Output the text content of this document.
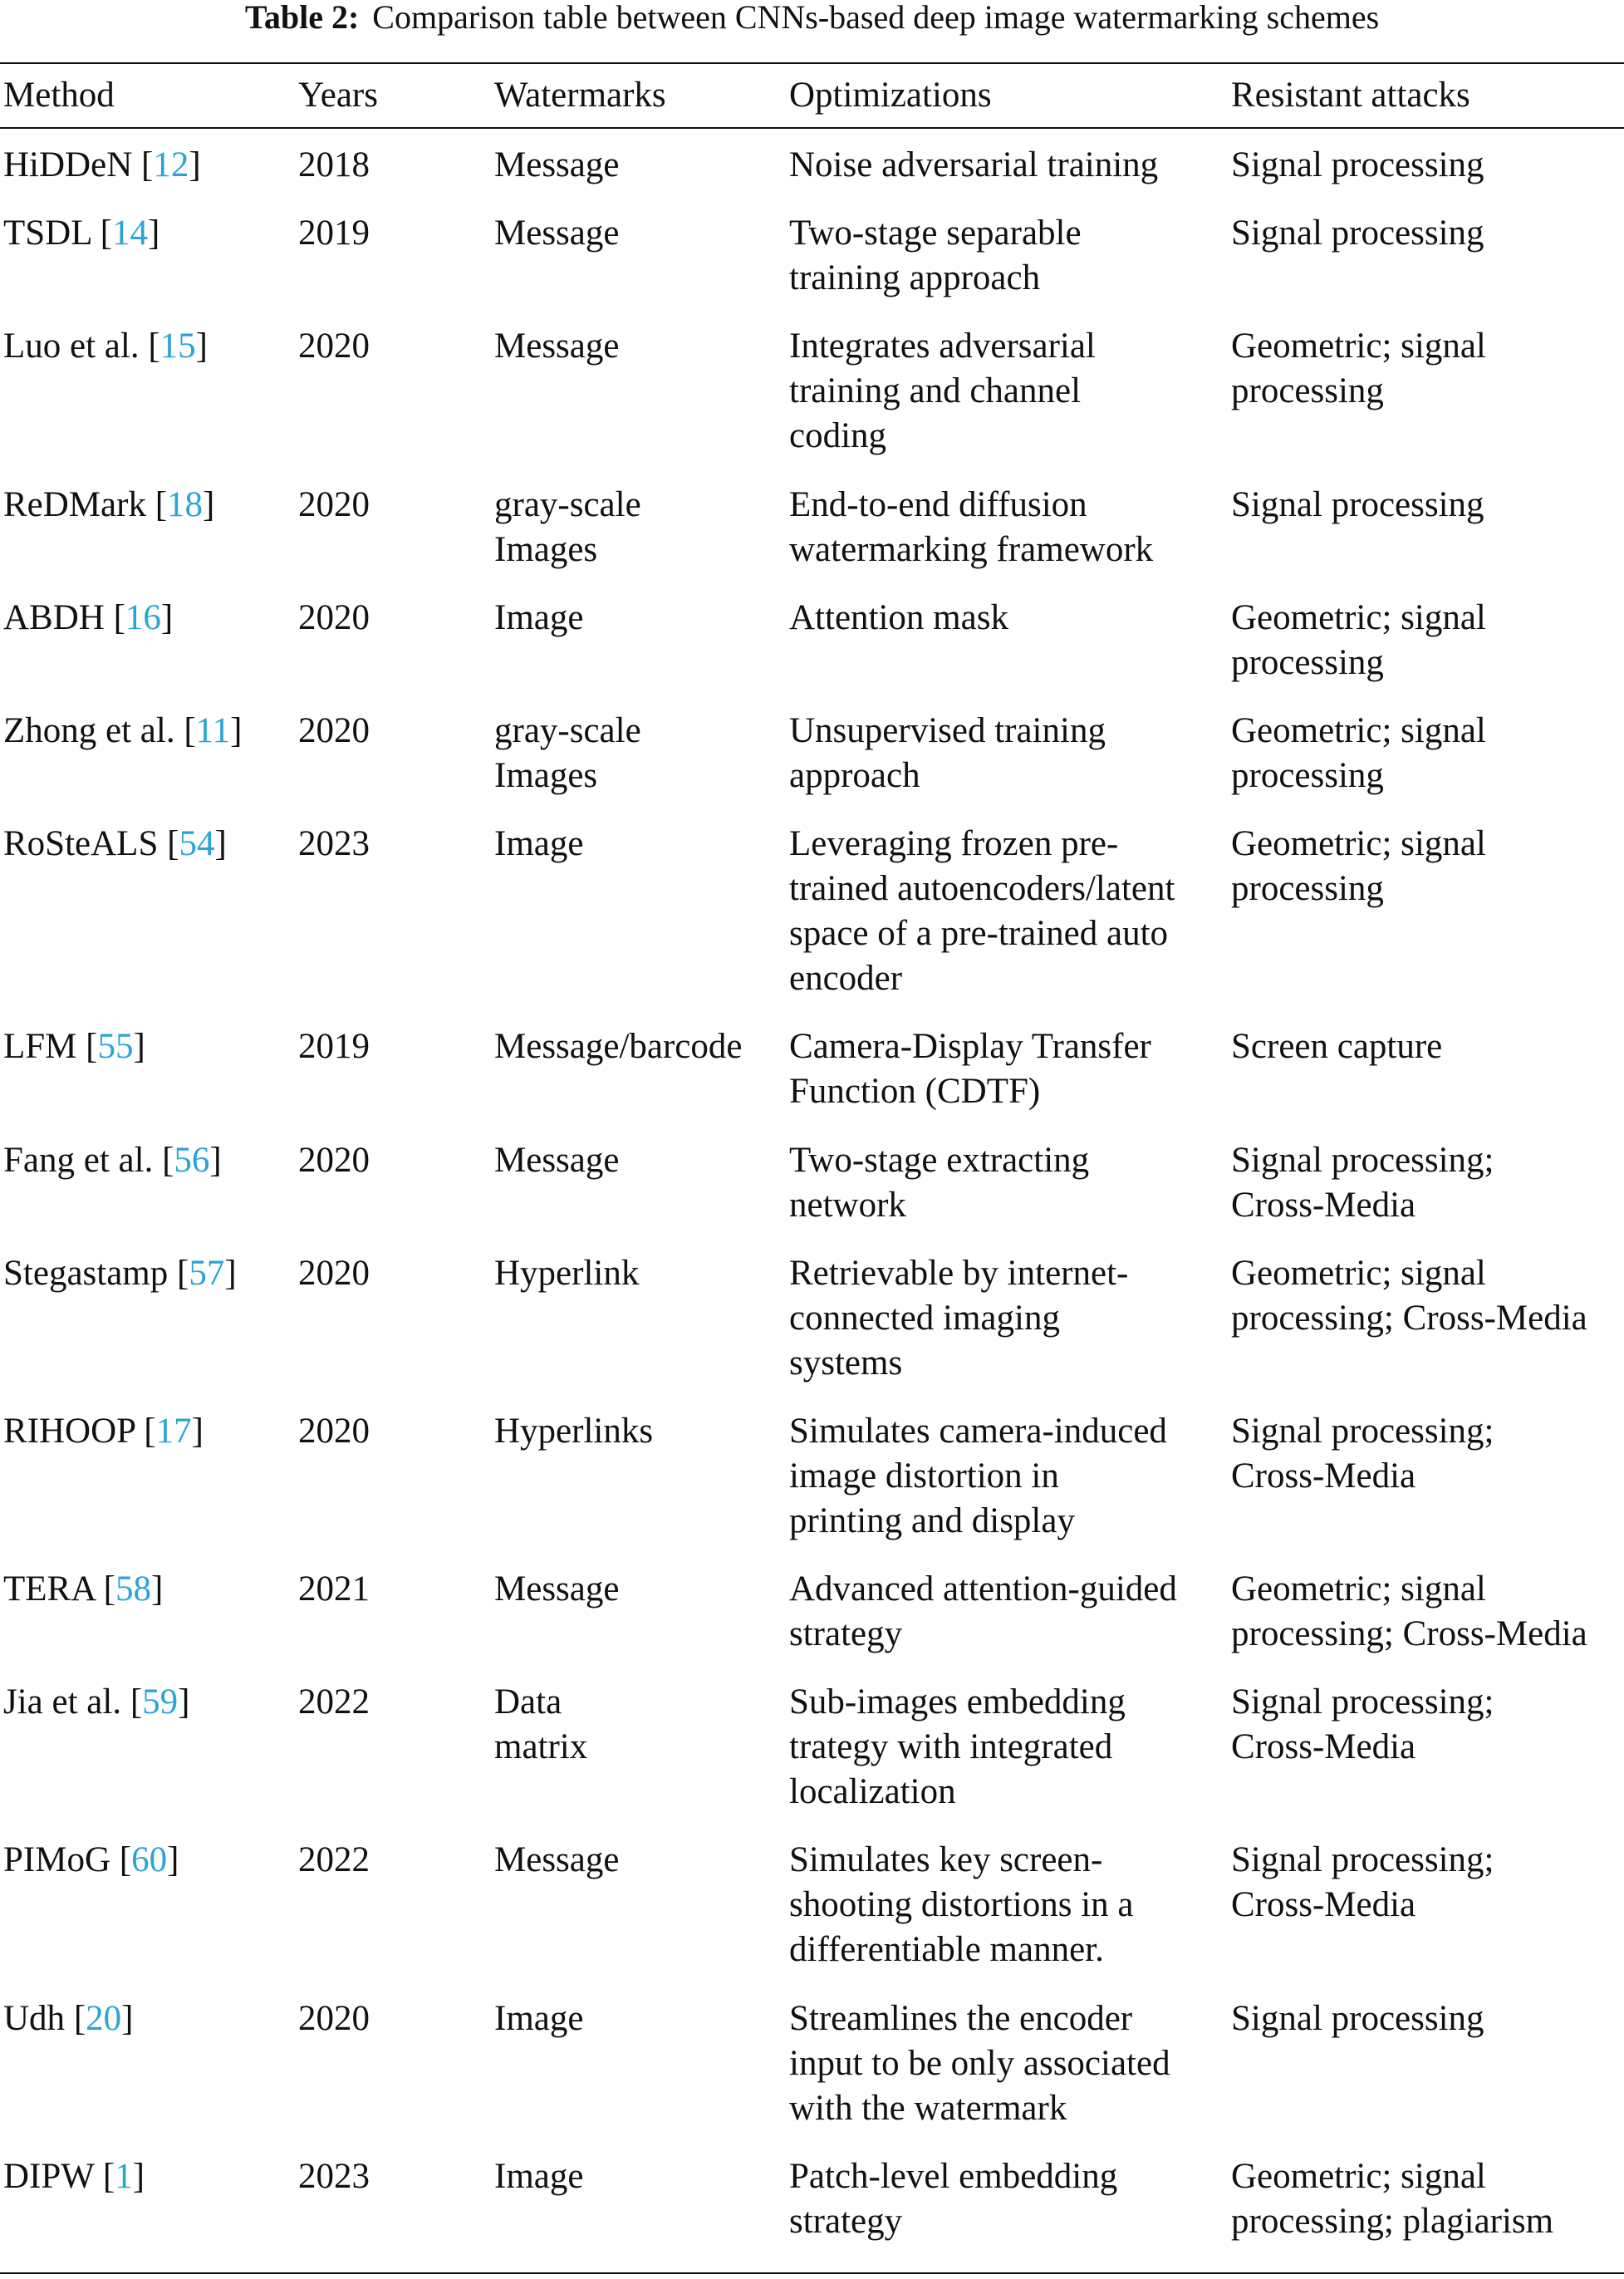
Table 2: Comparison table between CNNs-based deep image watermarking schemes
Method	Years	Watermarks	Optimizations	Resistant attacks
HiDDeN [12]	2018	Message	Noise adversarial training	Signal processing

TSDL [14]	2019	Message	Two-stage separable training approach	Signal processing

Luo et al. [15]	2020	Message	Integrates adversarial training and channel coding	Geometric; signal processing

ReDMark [18]	2020	gray-scale Images	End-to-end diffusion watermarking framework	Signal processing

ABDH [16]	2020	Image	Attention mask	Geometric; signal processing

Zhong et al. [11]	2020	gray-scale Images	Unsupervised training approach	Geometric; signal processing

RoSteALS [54]	2023	Image	Leveraging frozen pre-trained autoencoders/latent space of a pre-trained auto encoder	Geometric; signal processing

LFM [55]	2019	Message/barcode	Camera-Display Transfer Function (CDTF)	Screen capture

Fang et al. [56]	2020	Message	Two-stage extracting network	Signal processing; Cross-Media

Stegastamp [57]	2020	Hyperlink	Retrievable by internet-connected imaging systems	Geometric; signal processing; Cross-Media

RIHOOP [17]	2020	Hyperlinks	Simulates camera-induced image distortion in printing and display	Signal processing; Cross-Media

TERA [58]	2021	Message	Advanced attention-guided strategy	Geometric; signal processing; Cross-Media

Jia et al. [59]	2022	Data matrix	Sub-images embedding trategy with integrated localization	Signal processing; Cross-Media

PIMoG [60]	2022	Message	Simulates key screen-shooting distortions in a differentiable manner.	Signal processing; Cross-Media

Udh [20]	2020	Image	Streamlines the encoder input to be only associated with the watermark	Signal processing

DIPW [1]	2023	Image	Patch-level embedding strategy	Geometric; signal processing; plagiarism
